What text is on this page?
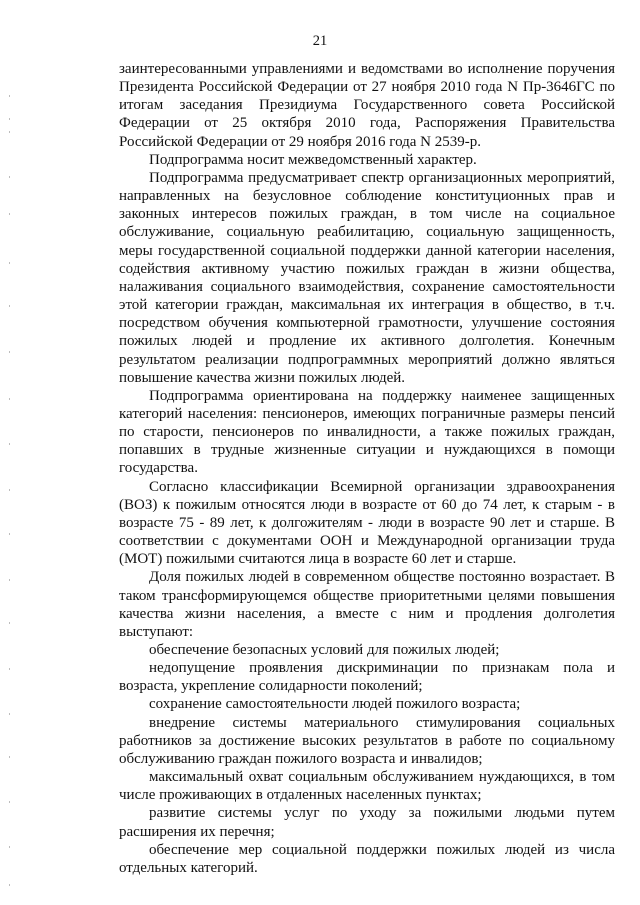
21

заинтересованными управлениями и ведомствами во исполнение поручения Президента Российской Федерации от 27 ноября 2010 года N Пр-3646ГС по итогам заседания Президиума Государственного совета Российской Федерации от 25 октября 2010 года, Распоряжения Правительства Российской Федерации от 29 ноября 2016 года N 2539-р.

Подпрограмма носит межведомственный характер.

Подпрограмма предусматривает спектр организационных мероприятий, направленных на безусловное соблюдение конституционных прав и законных интересов пожилых граждан, в том числе на социальное обслуживание, социальную реабилитацию, социальную защищенность, меры государственной социальной поддержки данной категории населения, содействия активному участию пожилых граждан в жизни общества, налаживания социального взаимодействия, сохранение самостоятельности этой категории граждан, максимальная их интеграция в общество, в т.ч. посредством обучения компьютерной грамотности, улучшение состояния пожилых людей и продление их активного долголетия. Конечным результатом реализации подпрограммных мероприятий должно являться повышение качества жизни пожилых людей.

Подпрограмма ориентирована на поддержку наименее защищенных категорий населения: пенсионеров, имеющих пограничные размеры пенсий по старости, пенсионеров по инвалидности, а также пожилых граждан, попавших в трудные жизненные ситуации и нуждающихся в помощи государства.

Согласно классификации Всемирной организации здравоохранения (ВОЗ) к пожилым относятся люди в возрасте от 60 до 74 лет, к старым - в возрасте 75 - 89 лет, к долгожителям - люди в возрасте 90 лет и старше. В соответствии с документами ООН и Международной организации труда (МОТ) пожилыми считаются лица в возрасте 60 лет и старше.

Доля пожилых людей в современном обществе постоянно возрастает. В таком трансформирующемся обществе приоритетными целями повышения качества жизни населения, а вместе с ним и продления долголетия выступают:

обеспечение безопасных условий для пожилых людей;

недопущение проявления дискриминации по признакам пола и возраста, укрепление солидарности поколений;

сохранение самостоятельности людей пожилого возраста;

внедрение системы материального стимулирования социальных работников за достижение высоких результатов в работе по социальному обслуживанию граждан пожилого возраста и инвалидов;

максимальный охват социальным обслуживанием нуждающихся, в том числе проживающих в отдаленных населенных пунктах;

развитие системы услуг по уходу за пожилыми людьми путем расширения их перечня;

обеспечение мер социальной поддержки пожилых людей из числа отдельных категорий.
